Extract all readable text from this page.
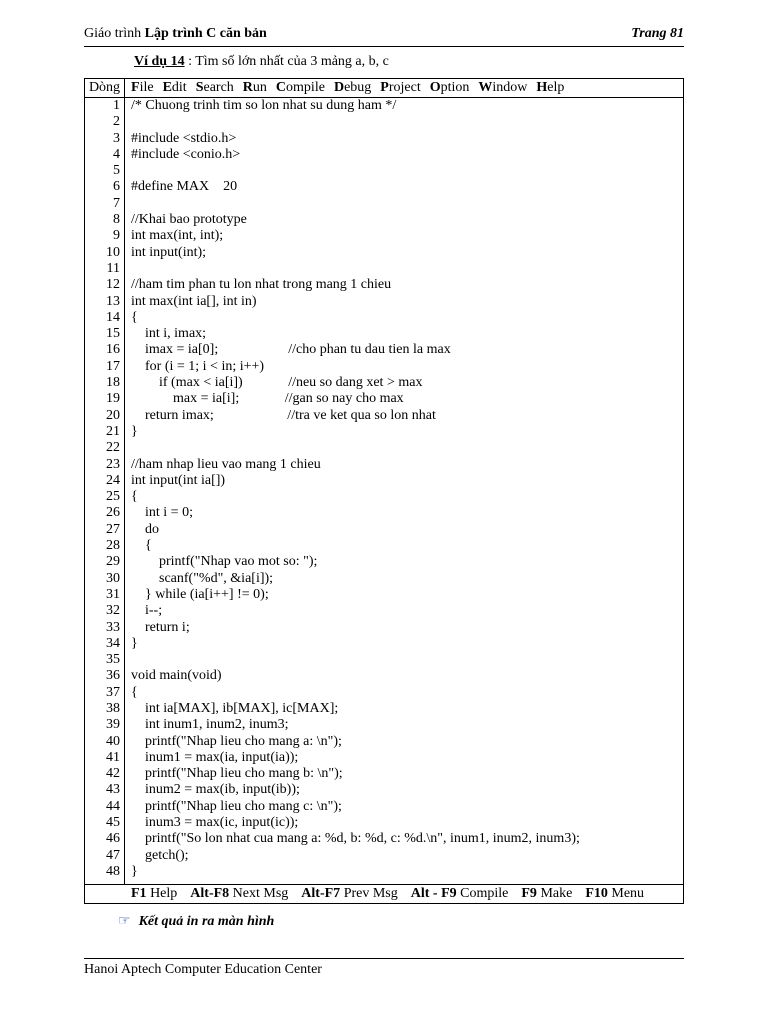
Giáo trình Lập trình C căn bản	Trang 81
Ví dụ 14 : Tìm số lớn nhất của 3 mảng a, b, c
Dòng File Edit Search Run Compile Debug Project Option Window Help
1
2
3
4
5
6
7
8
9
10
11
12
13
14
15
16
17
18
19
20
21
22
23
24
25
26
27
28
29
30
31
32
33
34
35
36
37
38
39
40
41
42
43
44
45
46
47
48
/* Chuong trinh tim so lon nhat su dung ham */
#include <stdio.h>
#include <conio.h>
#define MAX    20
//Khai bao prototype
int max(int, int);
int input(int);
//ham tim phan tu lon nhat trong mang 1 chieu
int max(int ia[], int in)
{
int i, imax;
imax = ia[0];                    //cho phan tu dau tien la max
for (i = 1; i < in; i++)
if (max < ia[i])             //neu so dang xet > max
max = ia[i];             //gan so nay cho max
return imax;                     //tra ve ket qua so lon nhat
}
//ham nhap lieu vao mang 1 chieu
int input(int ia[])
{
int i = 0;
do
{
printf("Nhap vao mot so: ");
scanf("%d", &ia[i]);
} while (ia[i++] != 0);
i--;
return i;
}
void main(void)
{
int ia[MAX], ib[MAX], ic[MAX];
int inum1, inum2, inum3;
printf("Nhap lieu cho mang a: \n");
inum1 = max(ia, input(ia));
printf("Nhap lieu cho mang b: \n");
inum2 = max(ib, input(ib));
printf("Nhap lieu cho mang c: \n");
inum3 = max(ic, input(ic));
printf("So lon nhat cua mang a: %d, b: %d, c: %d.\n", inum1, inum2, inum3);
getch();
}
F1 Help Alt-F8 Next Msg Alt-F7 Prev Msg Alt - F9 Compile F9 Make F10 Menu
☞ Kết quả in ra màn hình
Hanoi Aptech Computer Education Center
